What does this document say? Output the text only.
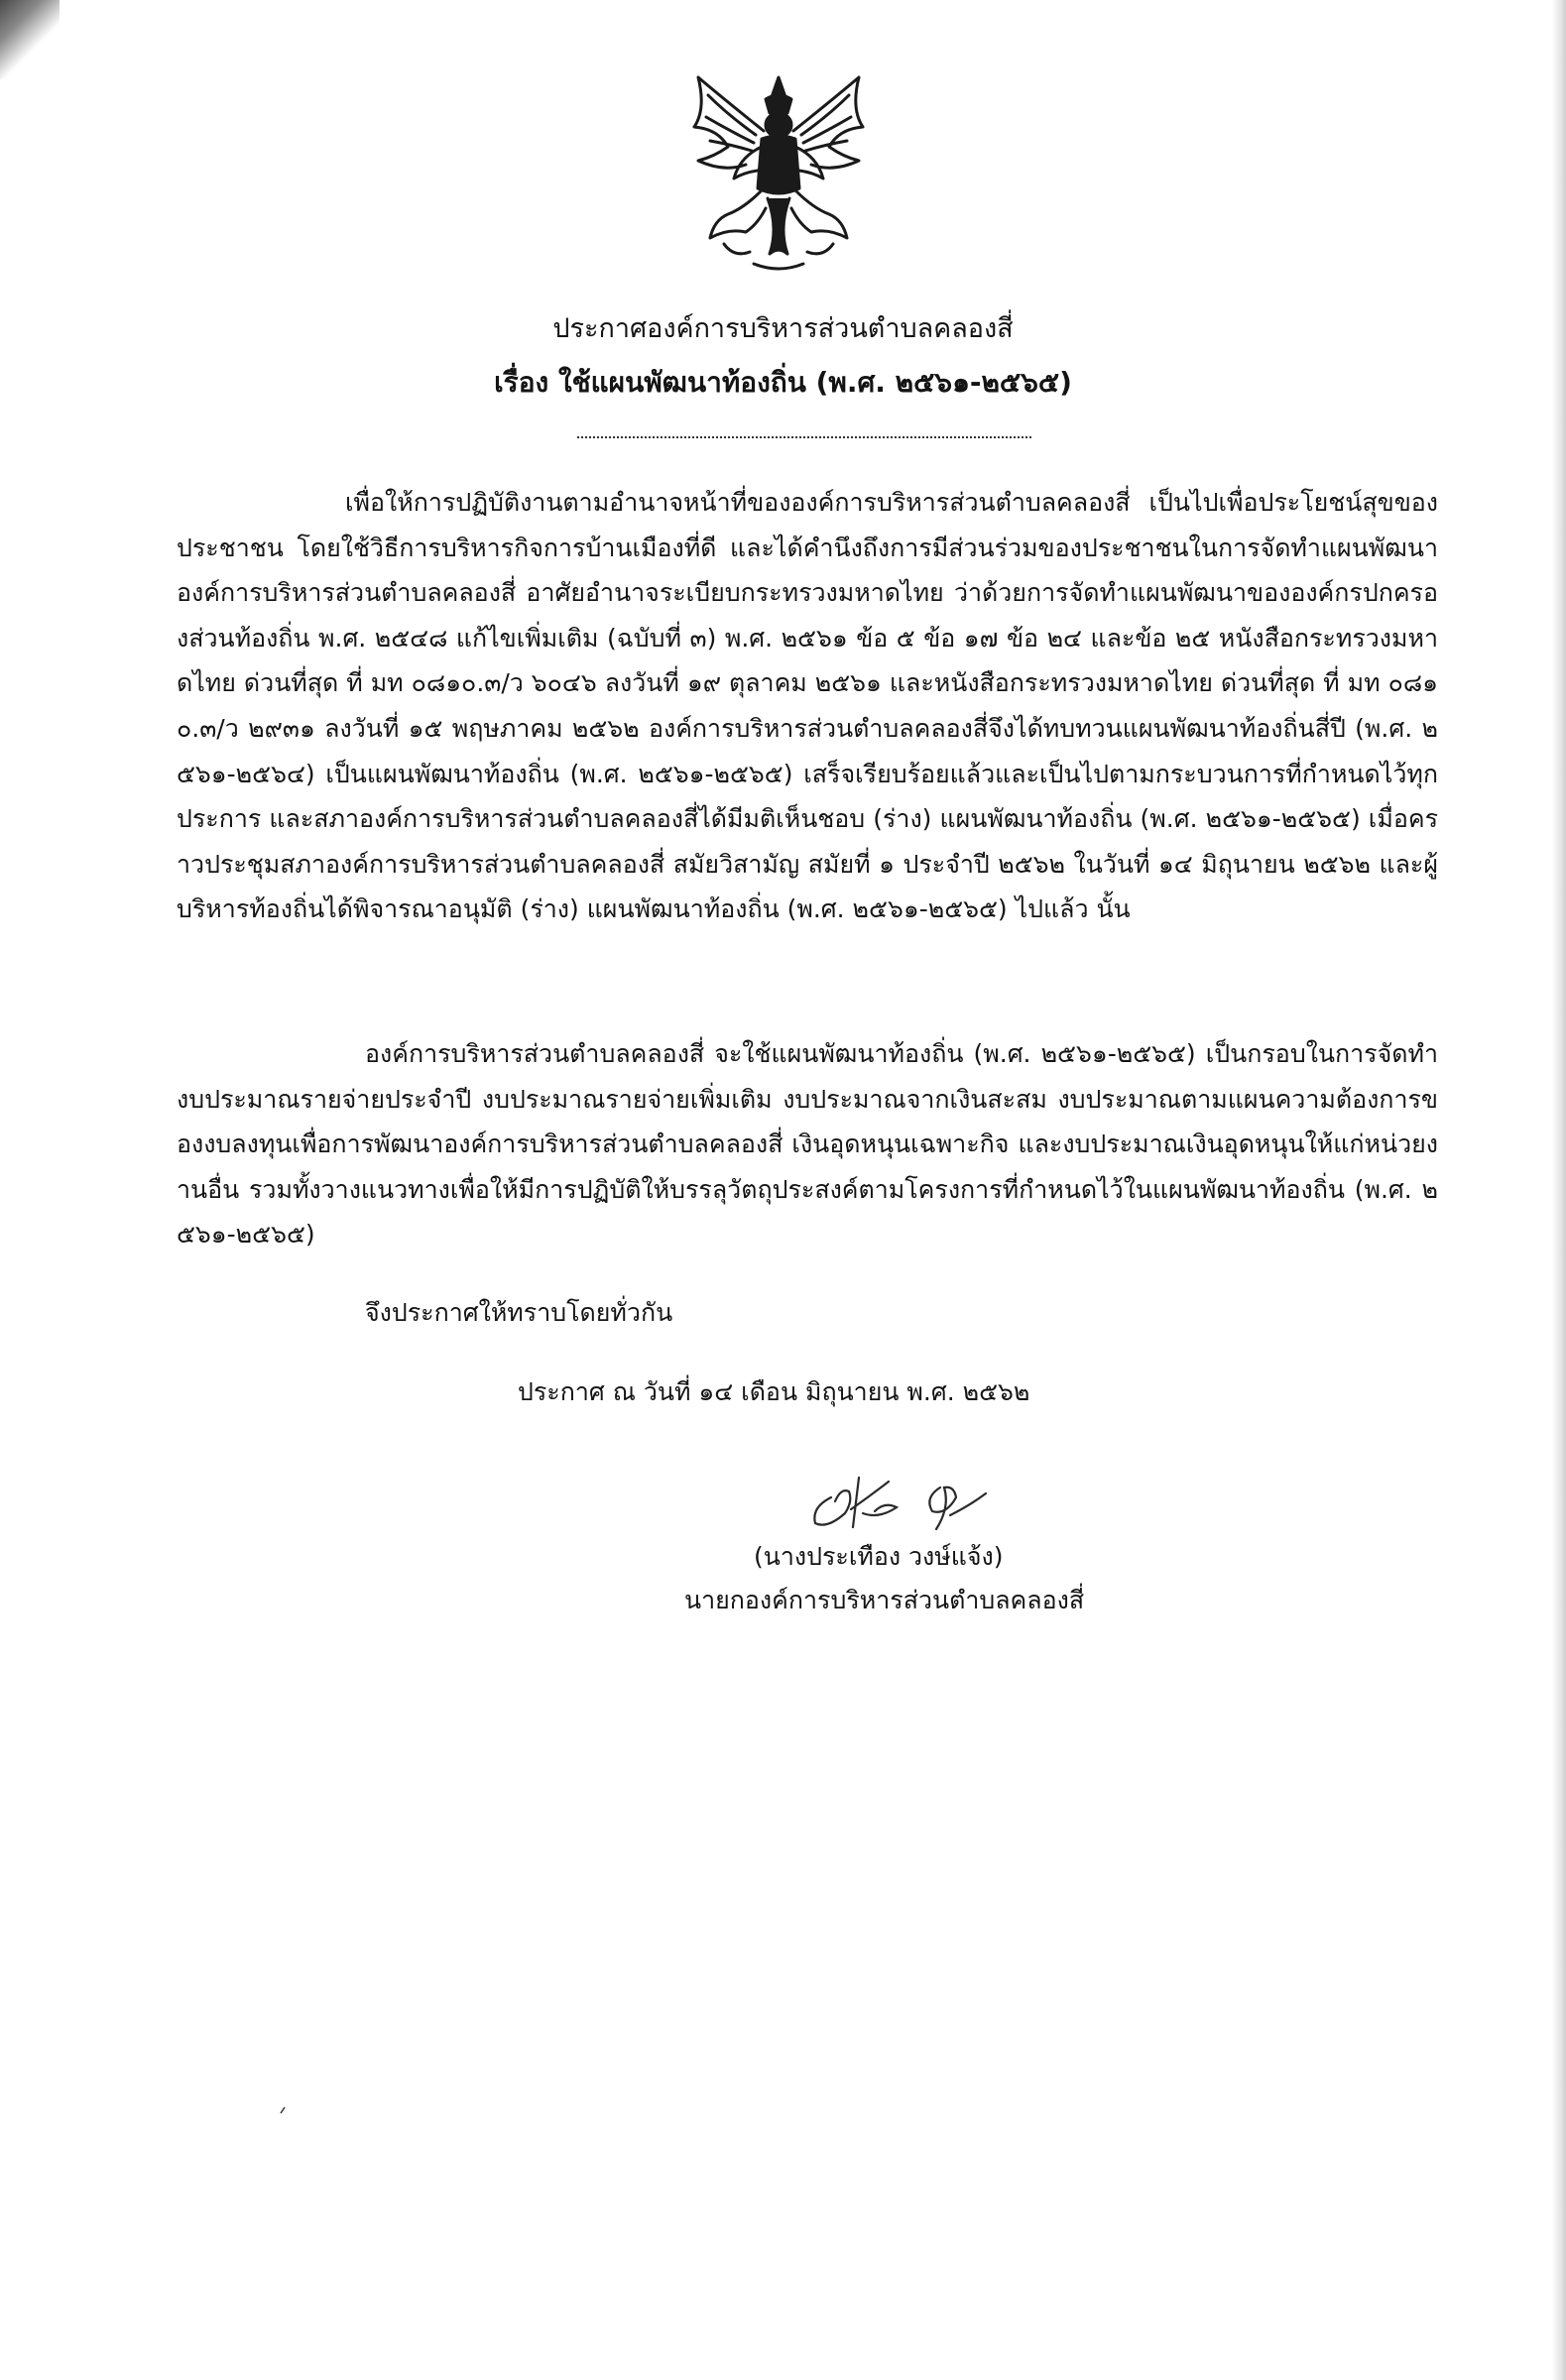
ประกาศองค์การบริหารส่วนตำบลคลองสี่
เรื่อง ใช้แผนพัฒนาท้องถิ่น (พ.ศ. ๒๕๖๑-๒๕๖๕)
เพื่อให้การปฏิบัติงานตามอำนาจหน้าที่ขององค์การบริหารส่วนตำบลคลองสี่ เป็นไปเพื่อประโยชน์สุขของประชาชน โดยใช้วิธีการบริหารกิจการบ้านเมืองที่ดี และได้คำนึงถึงการมีส่วนร่วมของประชาชนในการจัดทำแผนพัฒนาองค์การบริหารส่วนตำบลคลองสี่ อาศัยอำนาจระเบียบกระทรวงมหาดไทย ว่าด้วยการจัดทำแผนพัฒนาขององค์กรปกครองส่วนท้องถิ่น พ.ศ. ๒๕๔๘ แก้ไขเพิ่มเติม (ฉบับที่ ๓) พ.ศ. ๒๕๖๑ ข้อ ๕ ข้อ ๑๗ ข้อ ๒๔ และข้อ ๒๕ หนังสือกระทรวงมหาดไทย ด่วนที่สุด ที่ มท ๐๘๑๐.๓/ว ๖๐๔๖ ลงวันที่ ๑๙ ตุลาคม ๒๕๖๑ และหนังสือกระทรวงมหาดไทย ด่วนที่สุด ที่ มท ๐๘๑๐.๓/ว ๒๙๓๑ ลงวันที่ ๑๕ พฤษภาคม ๒๕๖๒ องค์การบริหารส่วนตำบลคลองสี่จึงได้ทบทวนแผนพัฒนาท้องถิ่นสี่ปี (พ.ศ. ๒๕๖๑-๒๕๖๔) เป็นแผนพัฒนาท้องถิ่น (พ.ศ. ๒๕๖๑-๒๕๖๕) เสร็จเรียบร้อยแล้วและเป็นไปตามกระบวนการที่กำหนดไว้ทุกประการ และสภาองค์การบริหารส่วนตำบลคลองสี่ได้มีมติเห็นชอบ (ร่าง) แผนพัฒนาท้องถิ่น (พ.ศ. ๒๕๖๑-๒๕๖๕) เมื่อคราวประชุมสภาองค์การบริหารส่วนตำบลคลองสี่ สมัยวิสามัญ สมัยที่ ๑ ประจำปี ๒๕๖๒ ในวันที่ ๑๔ มิถุนายน ๒๕๖๒ และผู้บริหารท้องถิ่นได้พิจารณาอนุมัติ (ร่าง) แผนพัฒนาท้องถิ่น (พ.ศ. ๒๕๖๑-๒๕๖๕) ไปแล้ว นั้น
องค์การบริหารส่วนตำบลคลองสี่ จะใช้แผนพัฒนาท้องถิ่น (พ.ศ. ๒๕๖๑-๒๕๖๕) เป็นกรอบในการจัดทำงบประมาณรายจ่ายประจำปี งบประมาณรายจ่ายเพิ่มเติม งบประมาณจากเงินสะสม งบประมาณตามแผนความต้องการของงบลงทุนเพื่อการพัฒนาองค์การบริหารส่วนตำบลคลองสี่ เงินอุดหนุนเฉพาะกิจ และงบประมาณเงินอุดหนุนให้แก่หน่วยงานอื่น รวมทั้งวางแนวทางเพื่อให้มีการปฏิบัติให้บรรลุวัตถุประสงค์ตามโครงการที่กำหนดไว้ในแผนพัฒนาท้องถิ่น (พ.ศ. ๒๕๖๑-๒๕๖๕)
จึงประกาศให้ทราบโดยทั่วกัน
ประกาศ ณ วันที่ ๑๔ เดือน มิถุนายน พ.ศ. ๒๕๖๒
(นางประเทือง วงษ์แจ้ง)
นายกองค์การบริหารส่วนตำบลคลองสี่
